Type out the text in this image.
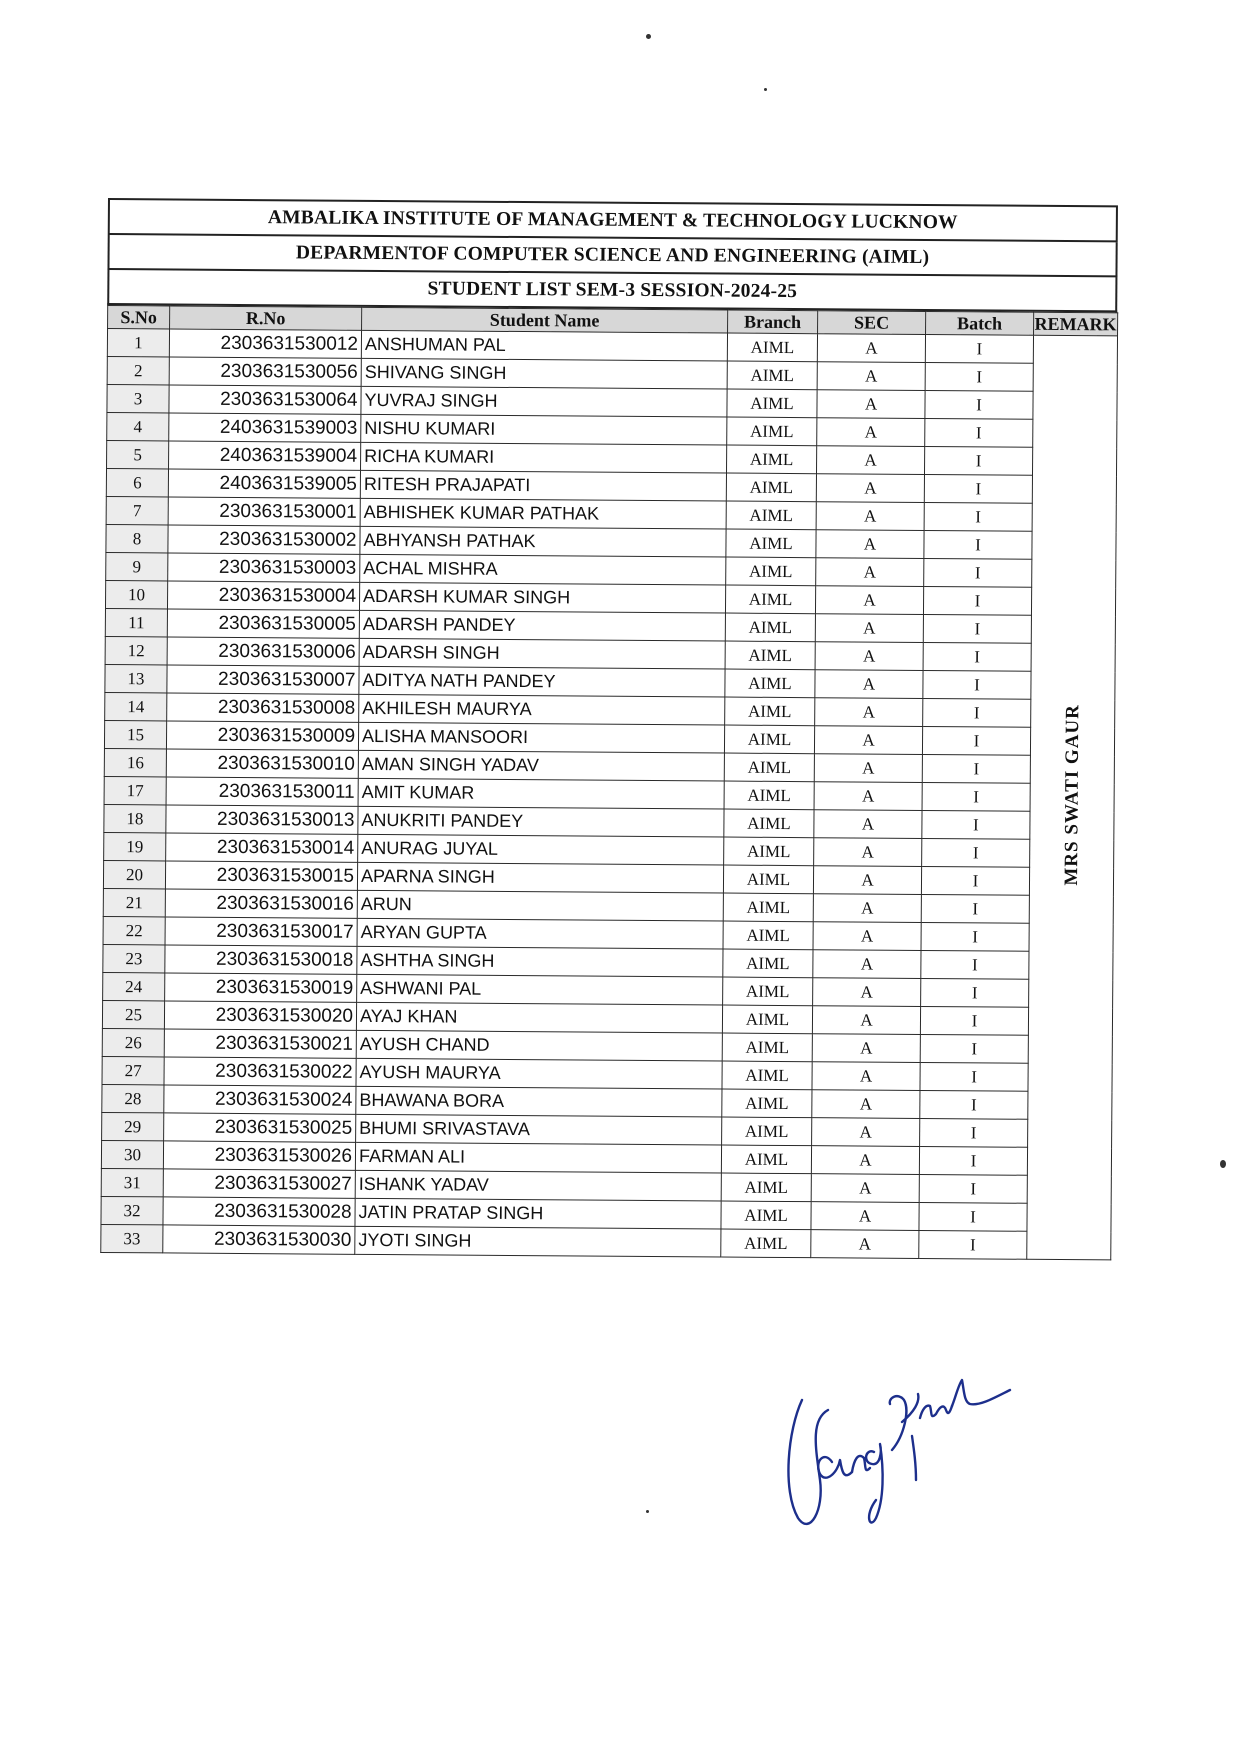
AMBALIKA INSTITUTE OF MANAGEMENT & TECHNOLOGY LUCKNOW
DEPARMENTOF COMPUTER SCIENCE AND ENGINEERING (AIML)
STUDENT LIST SEM-3 SESSION-2024-25
S.No	R.No	Student Name	Branch	SEC	Batch	REMARK
1	2303631530012	ANSHUMAN PAL	AIML	A	I	MRS SWATI GAUR
2	2303631530056	SHIVANG SINGH	AIML	A	I	
3	2303631530064	YUVRAJ SINGH	AIML	A	I	
4	2403631539003	NISHU KUMARI	AIML	A	I	
5	2403631539004	RICHA KUMARI	AIML	A	I	
6	2403631539005	RITESH PRAJAPATI	AIML	A	I	
7	2303631530001	ABHISHEK KUMAR PATHAK	AIML	A	I	
8	2303631530002	ABHYANSH PATHAK	AIML	A	I	
9	2303631530003	ACHAL MISHRA	AIML	A	I	
10	2303631530004	ADARSH KUMAR SINGH	AIML	A	I	
11	2303631530005	ADARSH PANDEY	AIML	A	I	
12	2303631530006	ADARSH SINGH	AIML	A	I	
13	2303631530007	ADITYA NATH PANDEY	AIML	A	I	
14	2303631530008	AKHILESH MAURYA	AIML	A	I	
15	2303631530009	ALISHA MANSOORI	AIML	A	I	
16	2303631530010	AMAN SINGH YADAV	AIML	A	I	
17	2303631530011	AMIT KUMAR	AIML	A	I	
18	2303631530013	ANUKRITI PANDEY	AIML	A	I	
19	2303631530014	ANURAG JUYAL	AIML	A	I	
20	2303631530015	APARNA SINGH	AIML	A	I	
21	2303631530016	ARUN	AIML	A	I	
22	2303631530017	ARYAN GUPTA	AIML	A	I	
23	2303631530018	ASHTHA SINGH	AIML	A	I	
24	2303631530019	ASHWANI PAL	AIML	A	I	
25	2303631530020	AYAJ KHAN	AIML	A	I	
26	2303631530021	AYUSH CHAND	AIML	A	I	
27	2303631530022	AYUSH MAURYA	AIML	A	I	
28	2303631530024	BHAWANA BORA	AIML	A	I	
29	2303631530025	BHUMI SRIVASTAVA	AIML	A	I	
30	2303631530026	FARMAN ALI	AIML	A	I	
31	2303631530027	ISHANK YADAV	AIML	A	I	
32	2303631530028	JATIN PRATAP SINGH	AIML	A	I	
33	2303631530030	JYOTI SINGH	AIML	A	I	
